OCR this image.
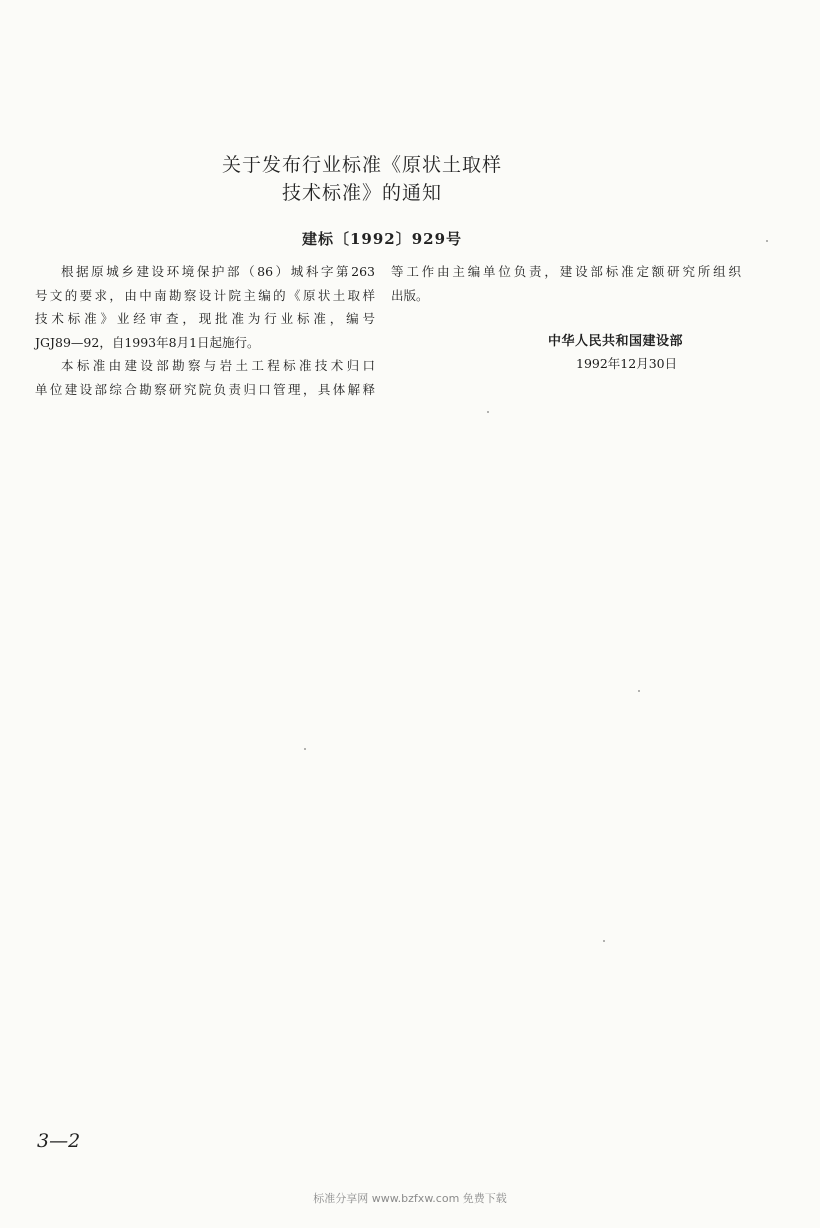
关于发布行业标准《原状土取样
技术标准》的通知
建标〔1992〕929号
根据原城乡建设环境保护部（86）城科字第263
号文的要求，由中南勘察设计院主编的《原状土取样
技术标准》业经审查，现批准为行业标准，编号
JGJ89—92，自1993年8月1日起施行。
本标准由建设部勘察与岩土工程标准技术归口
单位建设部综合勘察研究院负责归口管理，具体解释
等工作由主编单位负责，建设部标准定额研究所组织
出版。
中华人民共和国建设部
1992年12月30日
3—2
标准分享网 www.bzfxw.com 免费下载
